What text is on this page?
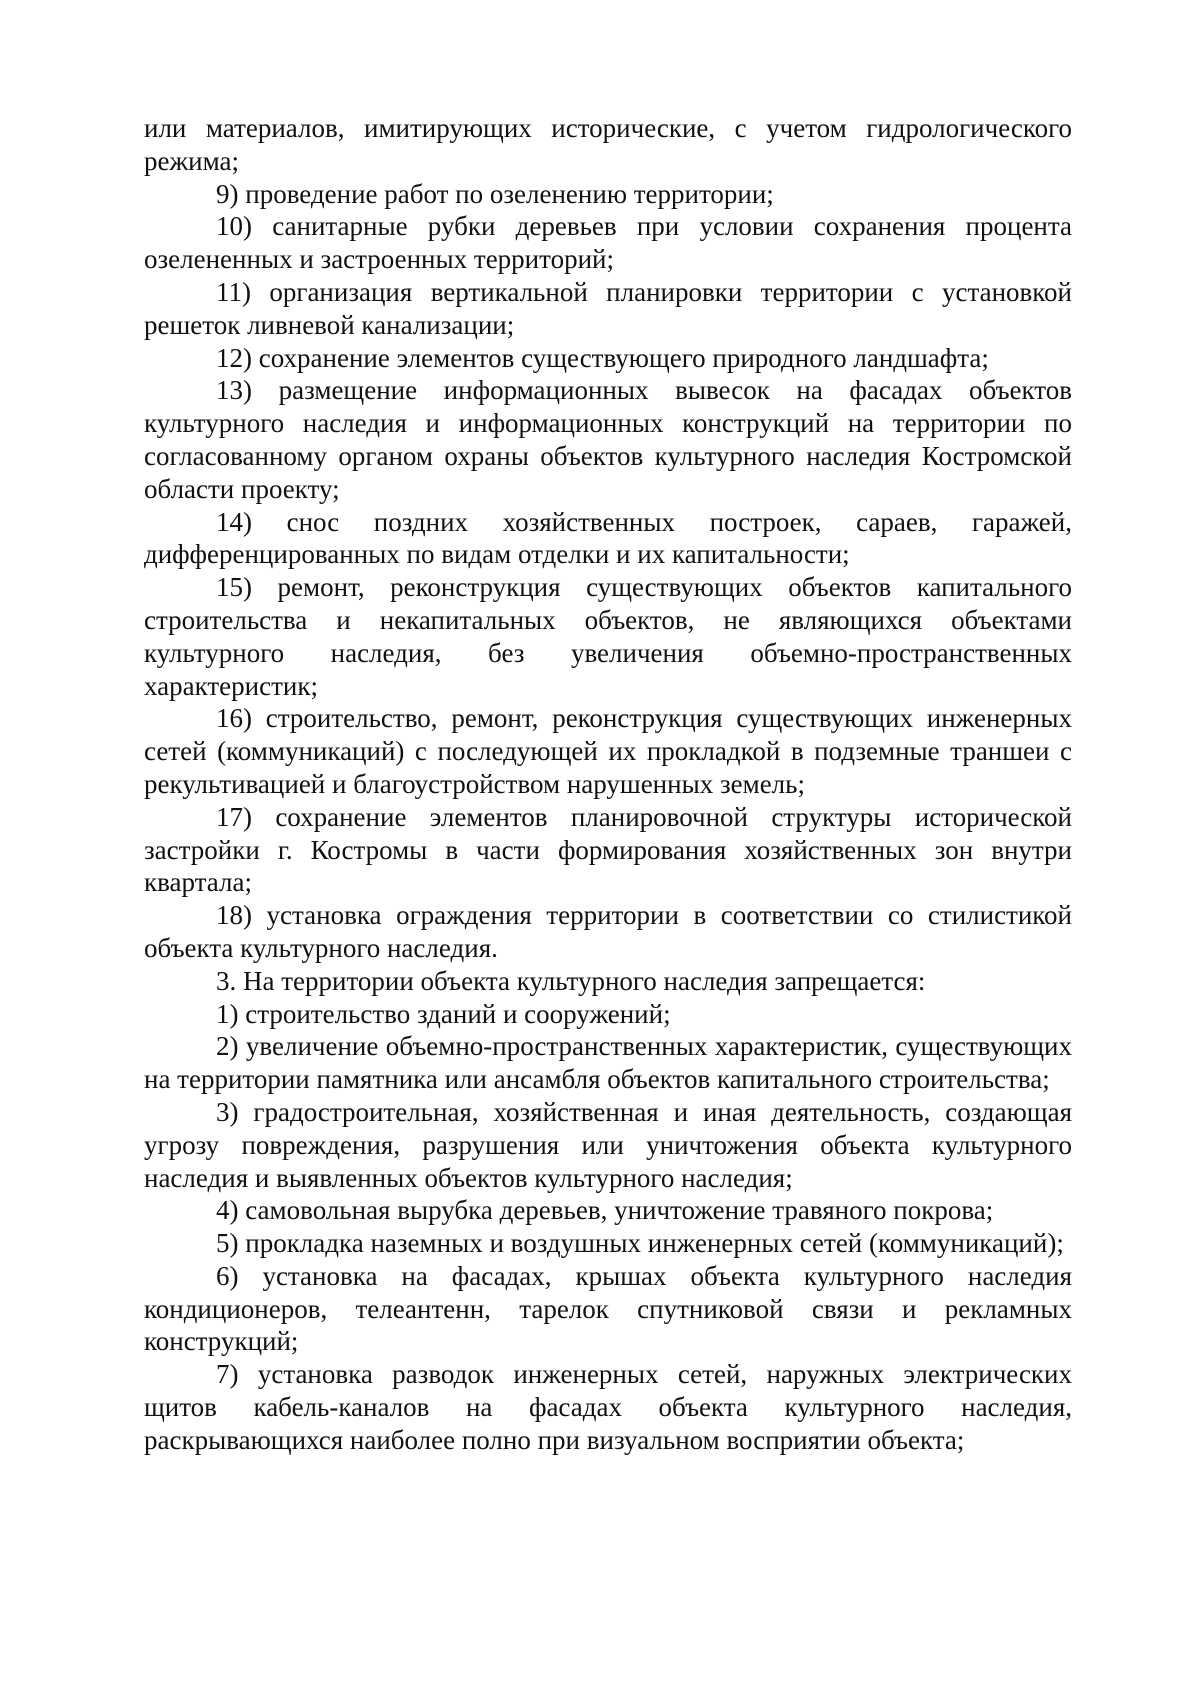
или материалов, имитирующих исторические, с учетом гидрологического режима;

9) проведение работ по озеленению территории;

10) санитарные рубки деревьев при условии сохранения процента озелененных и застроенных территорий;

11) организация вертикальной планировки территории с установкой решеток ливневой канализации;

12) сохранение элементов существующего природного ландшафта;

13) размещение информационных вывесок на фасадах объектов культурного наследия и информационных конструкций на территории по согласованному органом охраны объектов культурного наследия Костромской области проекту;

14) снос поздних хозяйственных построек, сараев, гаражей, дифференцированных по видам отделки и их капитальности;

15) ремонт, реконструкция существующих объектов капитального строительства и некапитальных объектов, не являющихся объектами культурного наследия, без увеличения объемно-пространственных характеристик;

16) строительство, ремонт, реконструкция существующих инженерных сетей (коммуникаций) с последующей их прокладкой в подземные траншеи с рекультивацией и благоустройством нарушенных земель;

17) сохранение элементов планировочной структуры исторической застройки г. Костромы в части формирования хозяйственных зон внутри квартала;

18) установка ограждения территории в соответствии со стилистикой объекта культурного наследия.

3. На территории объекта культурного наследия запрещается:

1) строительство зданий и сооружений;

2) увеличение объемно-пространственных характеристик, существующих на территории памятника или ансамбля объектов капитального строительства;

3) градостроительная, хозяйственная и иная деятельность, создающая угрозу повреждения, разрушения или уничтожения объекта культурного наследия и выявленных объектов культурного наследия;

4) самовольная вырубка деревьев, уничтожение травяного покрова;

5) прокладка наземных и воздушных инженерных сетей (коммуникаций);

6) установка на фасадах, крышах объекта культурного наследия кондиционеров, телеантенн, тарелок спутниковой связи и рекламных конструкций;

7) установка разводок инженерных сетей, наружных электрических щитов кабель-каналов на фасадах объекта культурного наследия, раскрывающихся наиболее полно при визуальном восприятии объекта;
